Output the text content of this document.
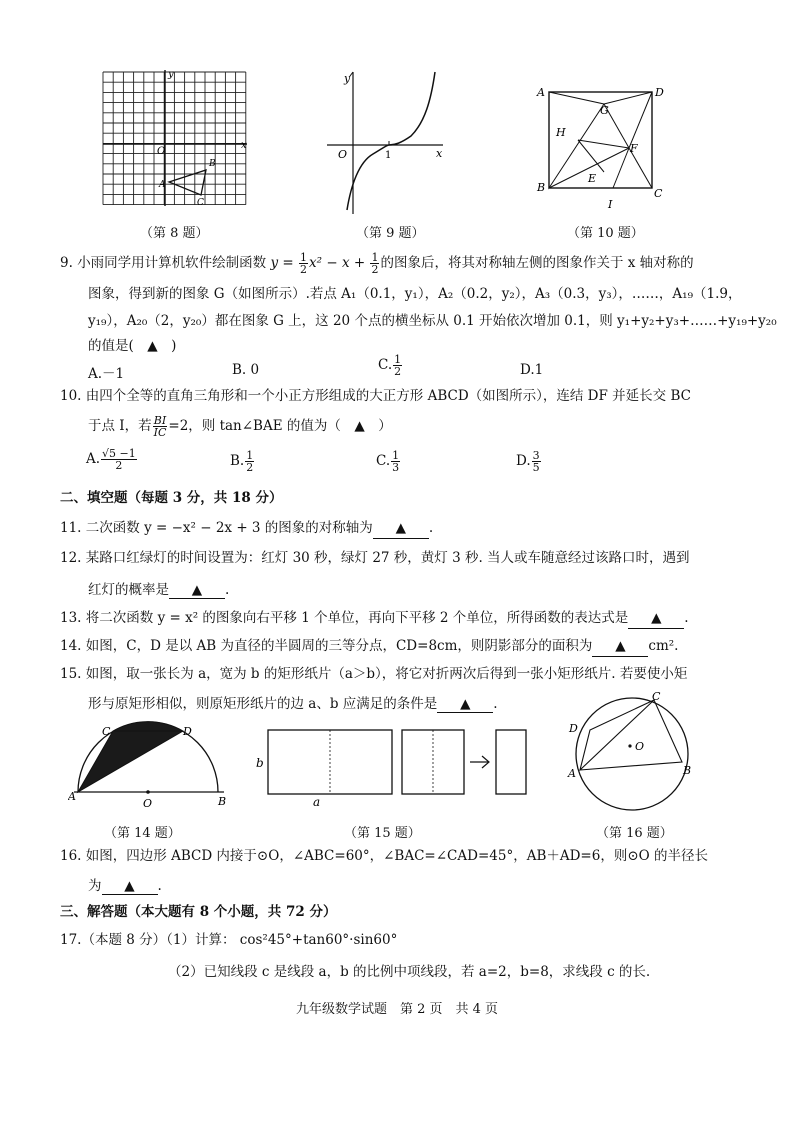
y
x
O
A
B
C
y
x
O	1
A	D
G
H
F
E
B	C
I
（第 8 题）	（第 9 题）	（第 10 题）
9. 小雨同学用计算机软件绘制函数 $y = \frac{1}{2} x^2 - x + \frac{1}{2}$ 的图象后，将其对称轴左侧的图象作关于 x 轴对称的
图象，得到新的图象 G（如图所示）.若点 A₁（0.1，y₁），A₂（0.2，y₂），A₃（0.3，y₃），……，A₁₉（1.9，
y₁₉），A₂₀（2，y₂₀）都在图象 G 上，这 20 个点的横坐标从 0.1 开始依次增加 0.1，则 y₁+y₂+y₃+……+y₁₉+y₂₀
的值是(　▲　)
A.－1	B. 0	C. $\frac{1}{2}$	D.1
10. 由四个全等的直角三角形和一个小正方形组成的大正方形 ABCD（如图所示），连结 DF 并延长交 BC
于点 I，若 $\frac{BI}{IC} =2$，则 tan∠BAE 的值为（　▲　）
A. $\frac{√5 -1}{2}$	B. $\frac{1}{2}$	C. $\frac{1}{3}$	D. $\frac{3}{5}$
二、填空题（每题 3 分，共 18 分）
11. 二次函数 y = −x² − 2x + 3 的图象的对称轴为 ▲ .
12. 某路口红绿灯的时间设置为：红灯 30 秒，绿灯 27 秒，黄灯 3 秒. 当人或车随意经过该路口时，遇到
红灯的概率是 ▲ .
13. 将二次函数 y = x² 的图象向右平移 1 个单位，再向下平移 2 个单位，所得函数的表达式是 ▲ .
14. 如图，C，D 是以 AB 为直径的半圆周的三等分点，CD=8cm，则阴影部分的面积为 ▲ cm².
15. 如图，取一张长为 a，宽为 b 的矩形纸片（a＞b），将它对折两次后得到一张小矩形纸片. 若要使小矩
形与原矩形相似，则原矩形纸片的边 a、b 应满足的条件是 ▲ .
A	B
C	D
O
b
a
A	B
C
D
O
（第 14 题）	（第 15 题）	（第 16 题）
16. 如图，四边形 ABCD 内接于⊙O，∠ABC=60°，∠BAC=∠CAD=45°，AB＋AD=6，则⊙O 的半径长
为 ▲ .
三、解答题（本大题有 8 个小题，共 72 分）
17.（本题 8 分）（1）计算： cos²45°+tan60°·sin60°
（2）已知线段 c 是线段 a，b 的比例中项线段，若 a=2，b=8，求线段 c 的长.
九年级数学试题　第 2 页　共 4 页
